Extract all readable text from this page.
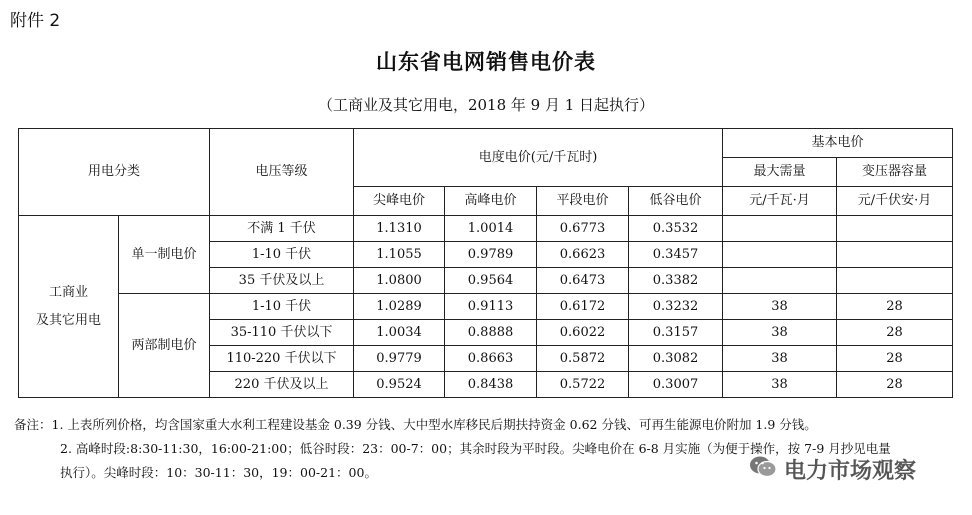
附件 2
山东省电网销售电价表
（工商业及其它用电，2018 年 9 月 1 日起执行）
用电分类		电压等级	电度电价(元/千瓦时)				基本电价	
							最大需量	变压器容量
			尖峰电价	高峰电价	平段电价	低谷电价	元/千瓦·月	元/千伏安·月
工商业
及其它用电	单一制电价	不满 1 千伏	1.1310	1.0014	0.6773	0.3532		
		1-10 千伏	1.1055	0.9789	0.6623	0.3457		
		35 千伏及以上	1.0800	0.9564	0.6473	0.3382		
	两部制电价	1-10 千伏	1.0289	0.9113	0.6172	0.3232	38	28
		35-110 千伏以下	1.0034	0.8888	0.6022	0.3157	38	28
		110-220 千伏以下	0.9779	0.8663	0.5872	0.3082	38	28
		220 千伏及以上	0.9524	0.8438	0.5722	0.3007	38	28
备注：1. 上表所列价格，均含国家重大水利工程建设基金 0.39 分钱、大中型水库移民后期扶持资金 0.62 分钱、可再生能源电价附加 1.9 分钱。
2. 高峰时段:8:30-11:30，16:00-21:00；低谷时段：23：00-7：00；其余时段为平时段。尖峰电价在 6-8 月实施（为便于操作，按 7-9 月抄见电量
执行）。尖峰时段：10：30-11：30，19：00-21：00。	电力市场观察
